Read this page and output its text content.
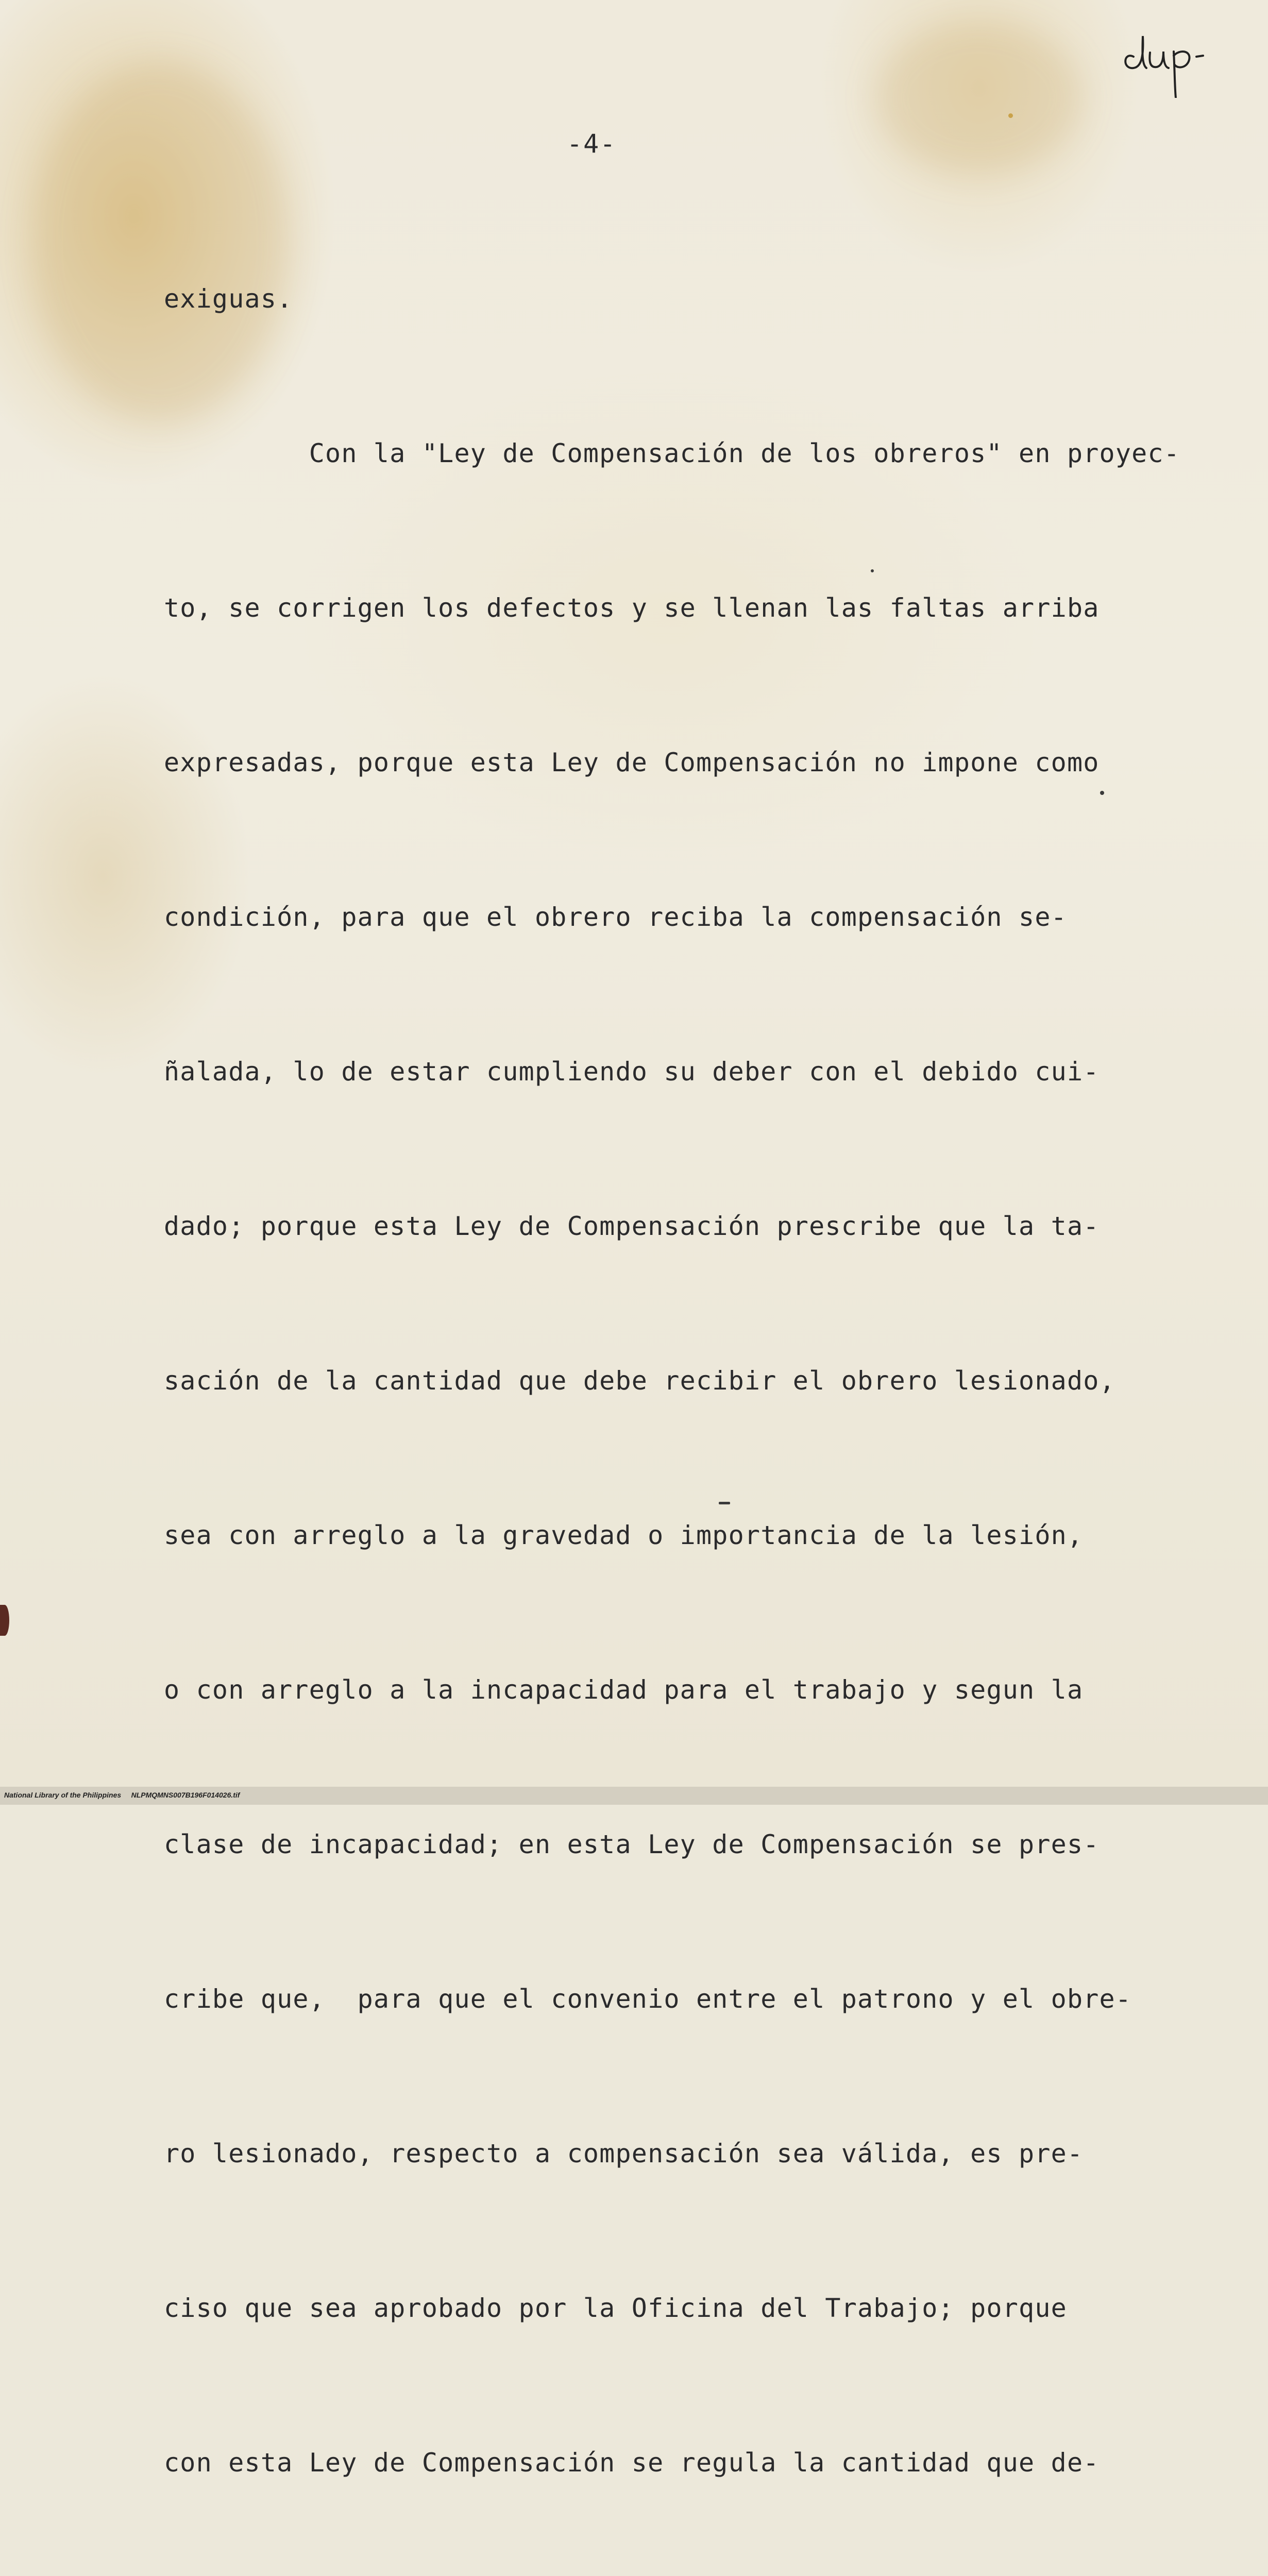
-4-

exiguas.

Con la "Ley de Compensación de los obreros" en proyec-

to, se corrigen los defectos y se llenan las faltas arriba

expresadas, porque esta Ley de Compensación no impone como

condición, para que el obrero reciba la compensación se-

ñalada, lo de estar cumpliendo su deber con el debido cui-

dado; porque esta Ley de Compensación prescribe que la ta-

sación de la cantidad que debe recibir el obrero lesionado,

sea con arreglo a la gravedad o importancia de la lesión,

o con arreglo a la incapacidad para el trabajo y segun la

clase de incapacidad; en esta Ley de Compensación se pres-

cribe que,  para que el convenio entre el patrono y el obre-

ro lesionado, respecto a compensación sea válida, es pre-

ciso que sea aprobado por la Oficina del Trabajo; porque

con esta Ley de Compensación se regula la cantidad que de-

National Library of the Philippines NLPMQMNS007B196F014026.tif
